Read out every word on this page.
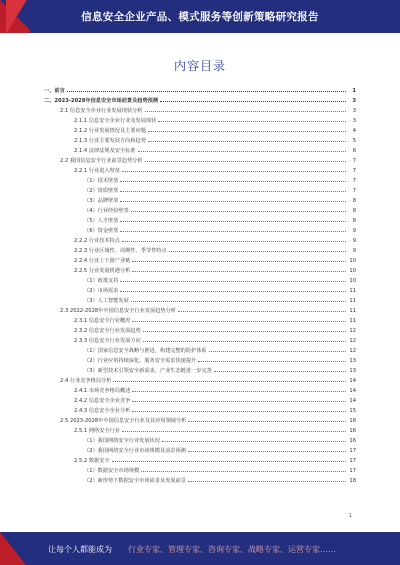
信息安全企业产品、模式服务等创新策略研究报告
内容目录
一、前言	1
二、2023-2028年信息安全市场前景及趋势预测	3
2.1 信息安全企业行业发展现状分析	3
2.1.1 信息安全企业行业及发展现状	3
2.1.2 行业发展情况及主要问题	4
2.1.3 行业主要发展方向和趋势	5
2.1.4 法律法规及安全标准	6
2.2 我国信息安全行业前景趋势分析	7
2.2.1 行业进入壁垒	7
（1）技术壁垒	7
（2）资质壁垒	7
（3）品牌壁垒	8
（4）行业经验壁垒	8
（5）人才壁垒	8
（6）资金壁垒	9
2.2.2 行业技术特点	9
2.2.3 行业区域性、周期性、季节性特点	9
2.2.4 行业上下游产业链	10
2.2.5 行业发展机遇分析	10
（1）政策支持	10
（2）市场需求	11
（3）人工智能发展	11
2.3 2022-2028年中国信息安全行业发展趋势分析	11
2.3.1 信息安全行业概况	11
2.3.2 信息安全行业发展趋势	12
2.3.3 信息安全行业发展方向	12
（1）国家信息安全战略与推进，构建完整的防护体系	12
（2）行业应用持续深化，服务安全需求快速提升	13
（3）新型技术引领安全新需求，产业生态链进一步完善	13
2.4 行业竞争格局分析	14
2.4.1 市场竞争格局概述	14
2.4.2 信息安全企业竞争	14
2.4.3 信息安全企业分析	15
2.5 2023-2028年中国信息安全行业及其应用领域分析	16
2.5.1 网络安全行业	16
（1）我国网络安全行业发展状况	16
（2）我国网络安全行业市场规模及前景预测	17
2.5.2 数据安全	17
（1）数据安全市场规模	17
（2）新形势下数据安全市场需求及发展前景	18
1
让每个人都能成为 行业专家、管理专家、咨询专家、战略专家、运营专家……
